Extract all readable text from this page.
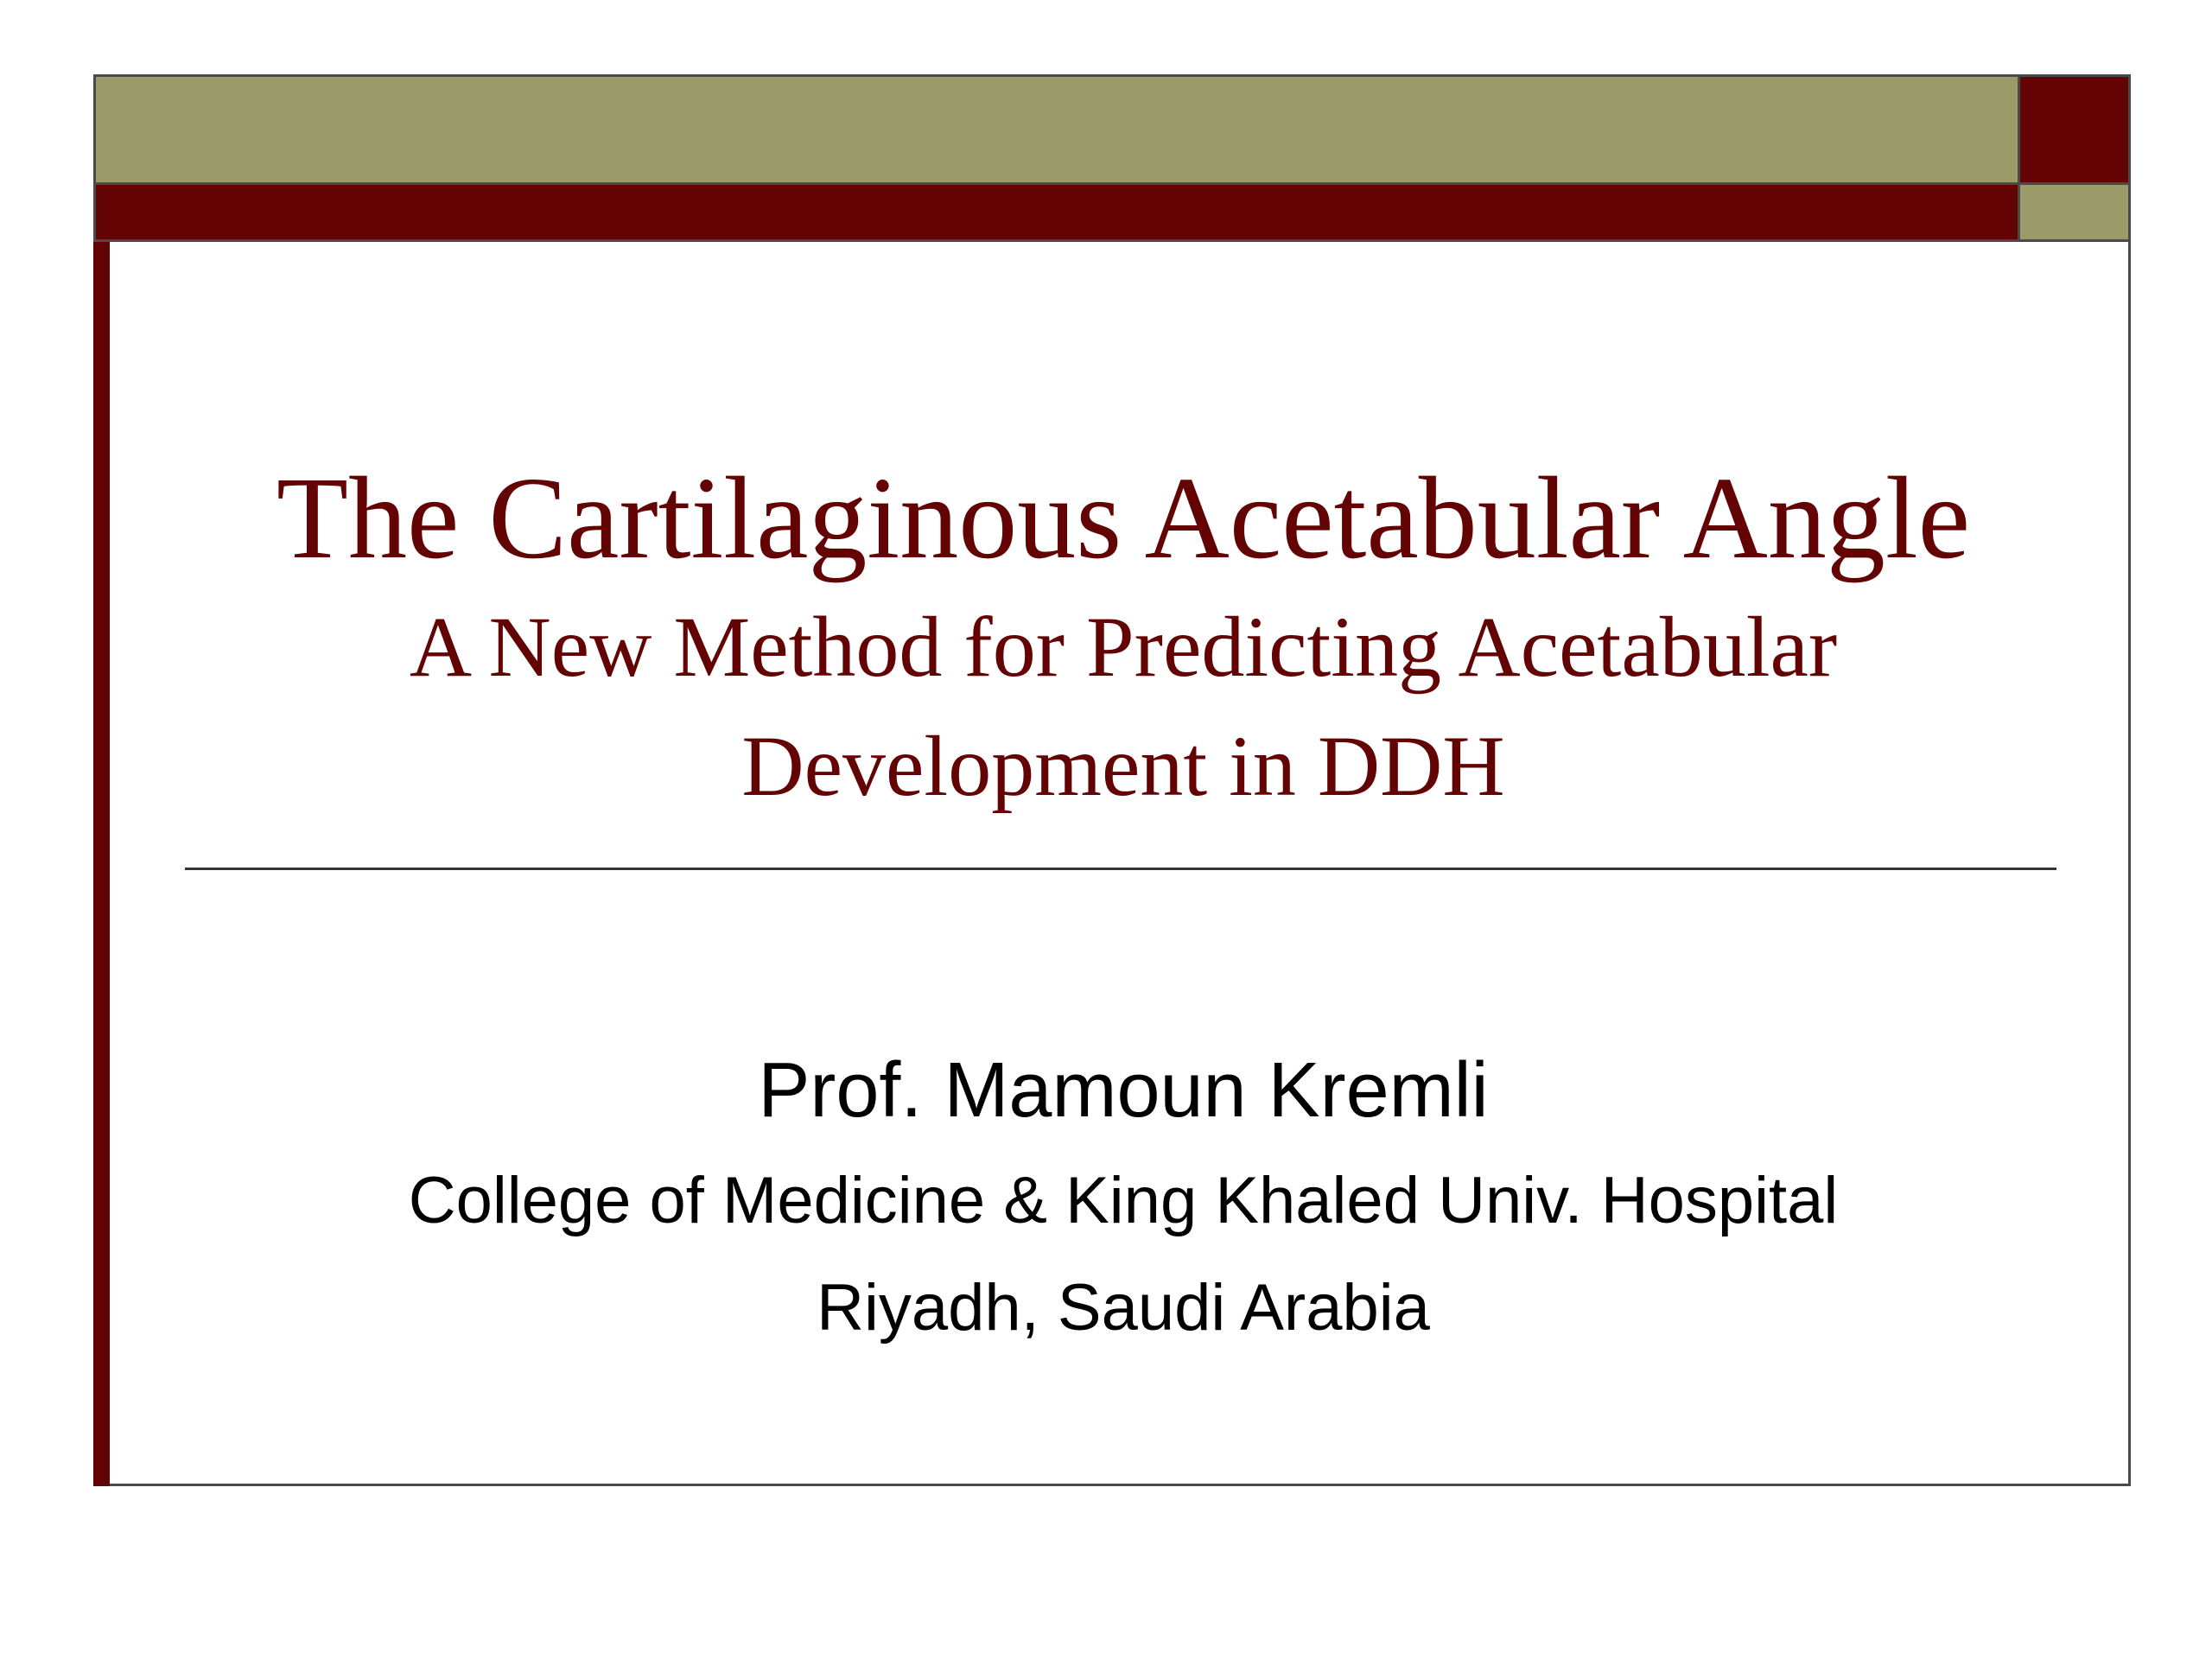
The Cartilaginous Acetabular Angle

A New Method for Predicting Acetabular

Development in DDH

Prof. Mamoun Kremli

College of Medicine & King Khaled Univ. Hospital

Riyadh, Saudi Arabia
